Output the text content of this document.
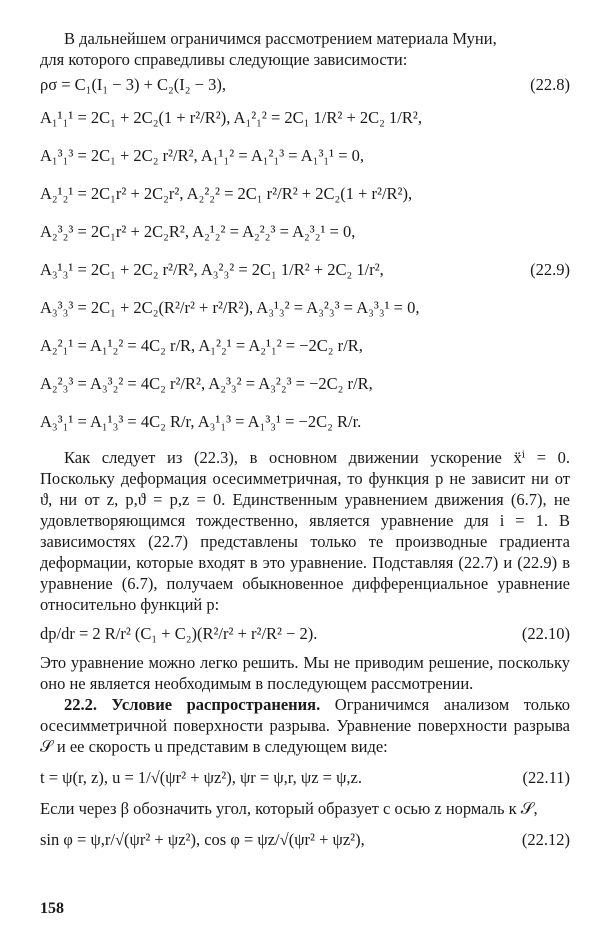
В дальнейшем ограничимся рассмотрением материала Муни,

для которого справедливы следующие зависимости:

ρσ = C₁(I₁ − 3) + C₂(I₂ − 3),	(22.8)
A₁¹₁¹ = 2C₁ + 2C₂(1 + r²/R²), A₁²₁² = 2C₁ 1/R² + 2C₂ 1/R²,
A₁³₁³ = 2C₁ + 2C₂ r²/R², A₁¹₁² = A₁²₁³ = A₁³₁¹ = 0,
A₂¹₂¹ = 2C₁r² + 2C₂r², A₂²₂² = 2C₁ r²/R² + 2C₂(1 + r²/R²),
A₂³₂³ = 2C₁r² + 2C₂R², A₂¹₂² = A₂²₂³ = A₂³₂¹ = 0,
A₃¹₃¹ = 2C₁ + 2C₂ r²/R², A₃²₃² = 2C₁ 1/R² + 2C₂ 1/r²,	(22.9)
A₃³₃³ = 2C₁ + 2C₂(R²/r² + r²/R²), A₃¹₃² = A₃²₃³ = A₃³₃¹ = 0,
A₂²₁¹ = A₁¹₂² = 4C₂ r/R, A₁²₂¹ = A₂¹₁² = −2C₂ r/R,
A₂²₃³ = A₃³₂² = 4C₂ r²/R², A₂³₃² = A₃²₂³ = −2C₂ r/R,
A₃³₁¹ = A₁¹₃³ = 4C₂ R/r, A₃¹₁³ = A₁³₃¹ = −2C₂ R/r.

Как следует из (22.3), в основном движении ускорение ẍⁱ = 0. Поскольку деформация осесимметричная, то функция p не зависит ни от ϑ, ни от z, p,ϑ = p,z = 0. Единственным уравнением движения (6.7), не удовлетворяющимся тождественно, является уравнение для i = 1. В зависимостях (22.7) представлены только те производные градиента деформации, которые входят в это уравнение. Подставляя (22.7) и (22.9) в уравнение (6.7), получаем обыкновенное дифференциальное уравнение относительно функций p:

dp/dr = 2 R/r² (C₁ + C₂)(R²/r² + r²/R² − 2).	(22.10)

Это уравнение можно легко решить. Мы не приводим решение, поскольку оно не является необходимым в последующем рассмотрении.

22.2. Условие распространения. Ограничимся анализом только осесимметричной поверхности разрыва. Уравнение поверхности разрыва 𝒮 и ее скорость u представим в следующем виде:

t = ψ(r, z), u = 1/√(ψr² + ψz²), ψr = ψ,r, ψz = ψ,z.	(22.11)

Если через β обозначить угол, который образует с осью z нормаль к 𝒮,

sin φ = ψ,r/√(ψr² + ψz²), cos φ = ψz/√(ψr² + ψz²),	(22.12)
158
